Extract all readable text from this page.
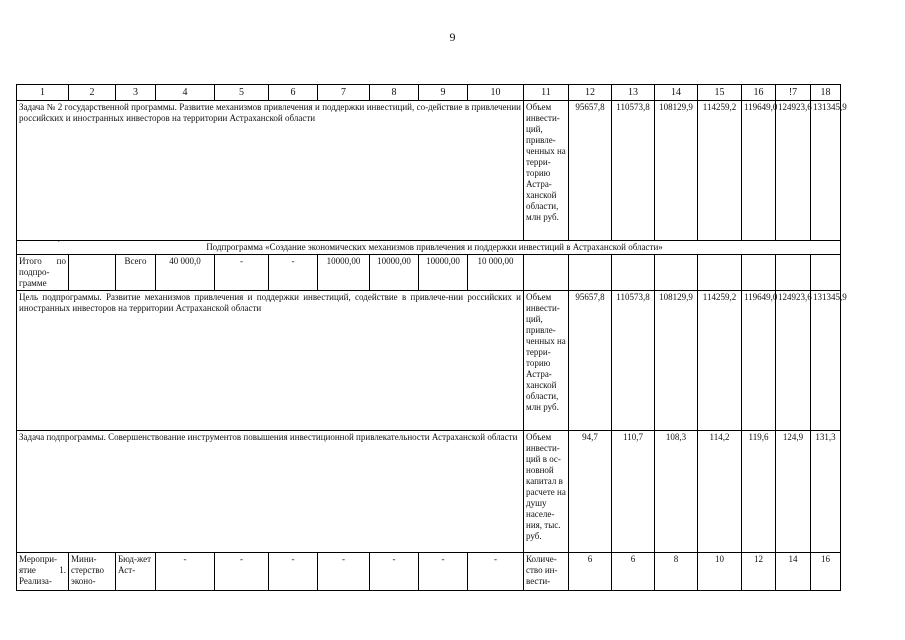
9
1	2	3	4	5	6	7	8	9	10	11	12	13	14	15	16	!7	18
Задача № 2 государственной программы. Развитие механизмов привлечения и поддержки инвестиций, со-действие в привлечении российских и иностранных инвесторов на территории Астраханской области										Объем инвести-ций, привле-ченных на терри-торию Астра-ханской области, млн руб.	95657,8	110573,8	108129,9	114259,2	119649,0	124923,6	131345,9

` Подпрограмма «Создание экономических механизмов привлечения и поддержки инвестиций в Астраханской области»																	
Итого по подпро-грамме		Всего	40 000,0	-	-	10000,00	10000,00	10000,00	10 000,00								
Цель подпрограммы. Развитие механизмов привлечения и поддержки инвестиций, содействие в привлече-нии российских и иностранных инвесторов на территории Астраханской области										Объем инвести-ций, привле-ченных на терри-торию Астра-ханской области, млн руб.	95657,8	110573,8	108129,9	114259,2	119649,0	124923,6	131345,9
Задача подпрограммы. Совершенствование инструментов повышения инвестиционной привлекательности Астраханской области										Объем инвести-ций в ос-новной капитал в расчете на душу населе-ния, тыс. руб.	94,7	110,7	108,3	114,2	119,6	124,9	131,3
Меропри-ятие 1. Реализа-	Мини-стерство эконо-	Бюд-жет Аст-	-	-	-	-	-	-	-	Количе-ство ин-вести-	6	6	8	10	12	14	16
